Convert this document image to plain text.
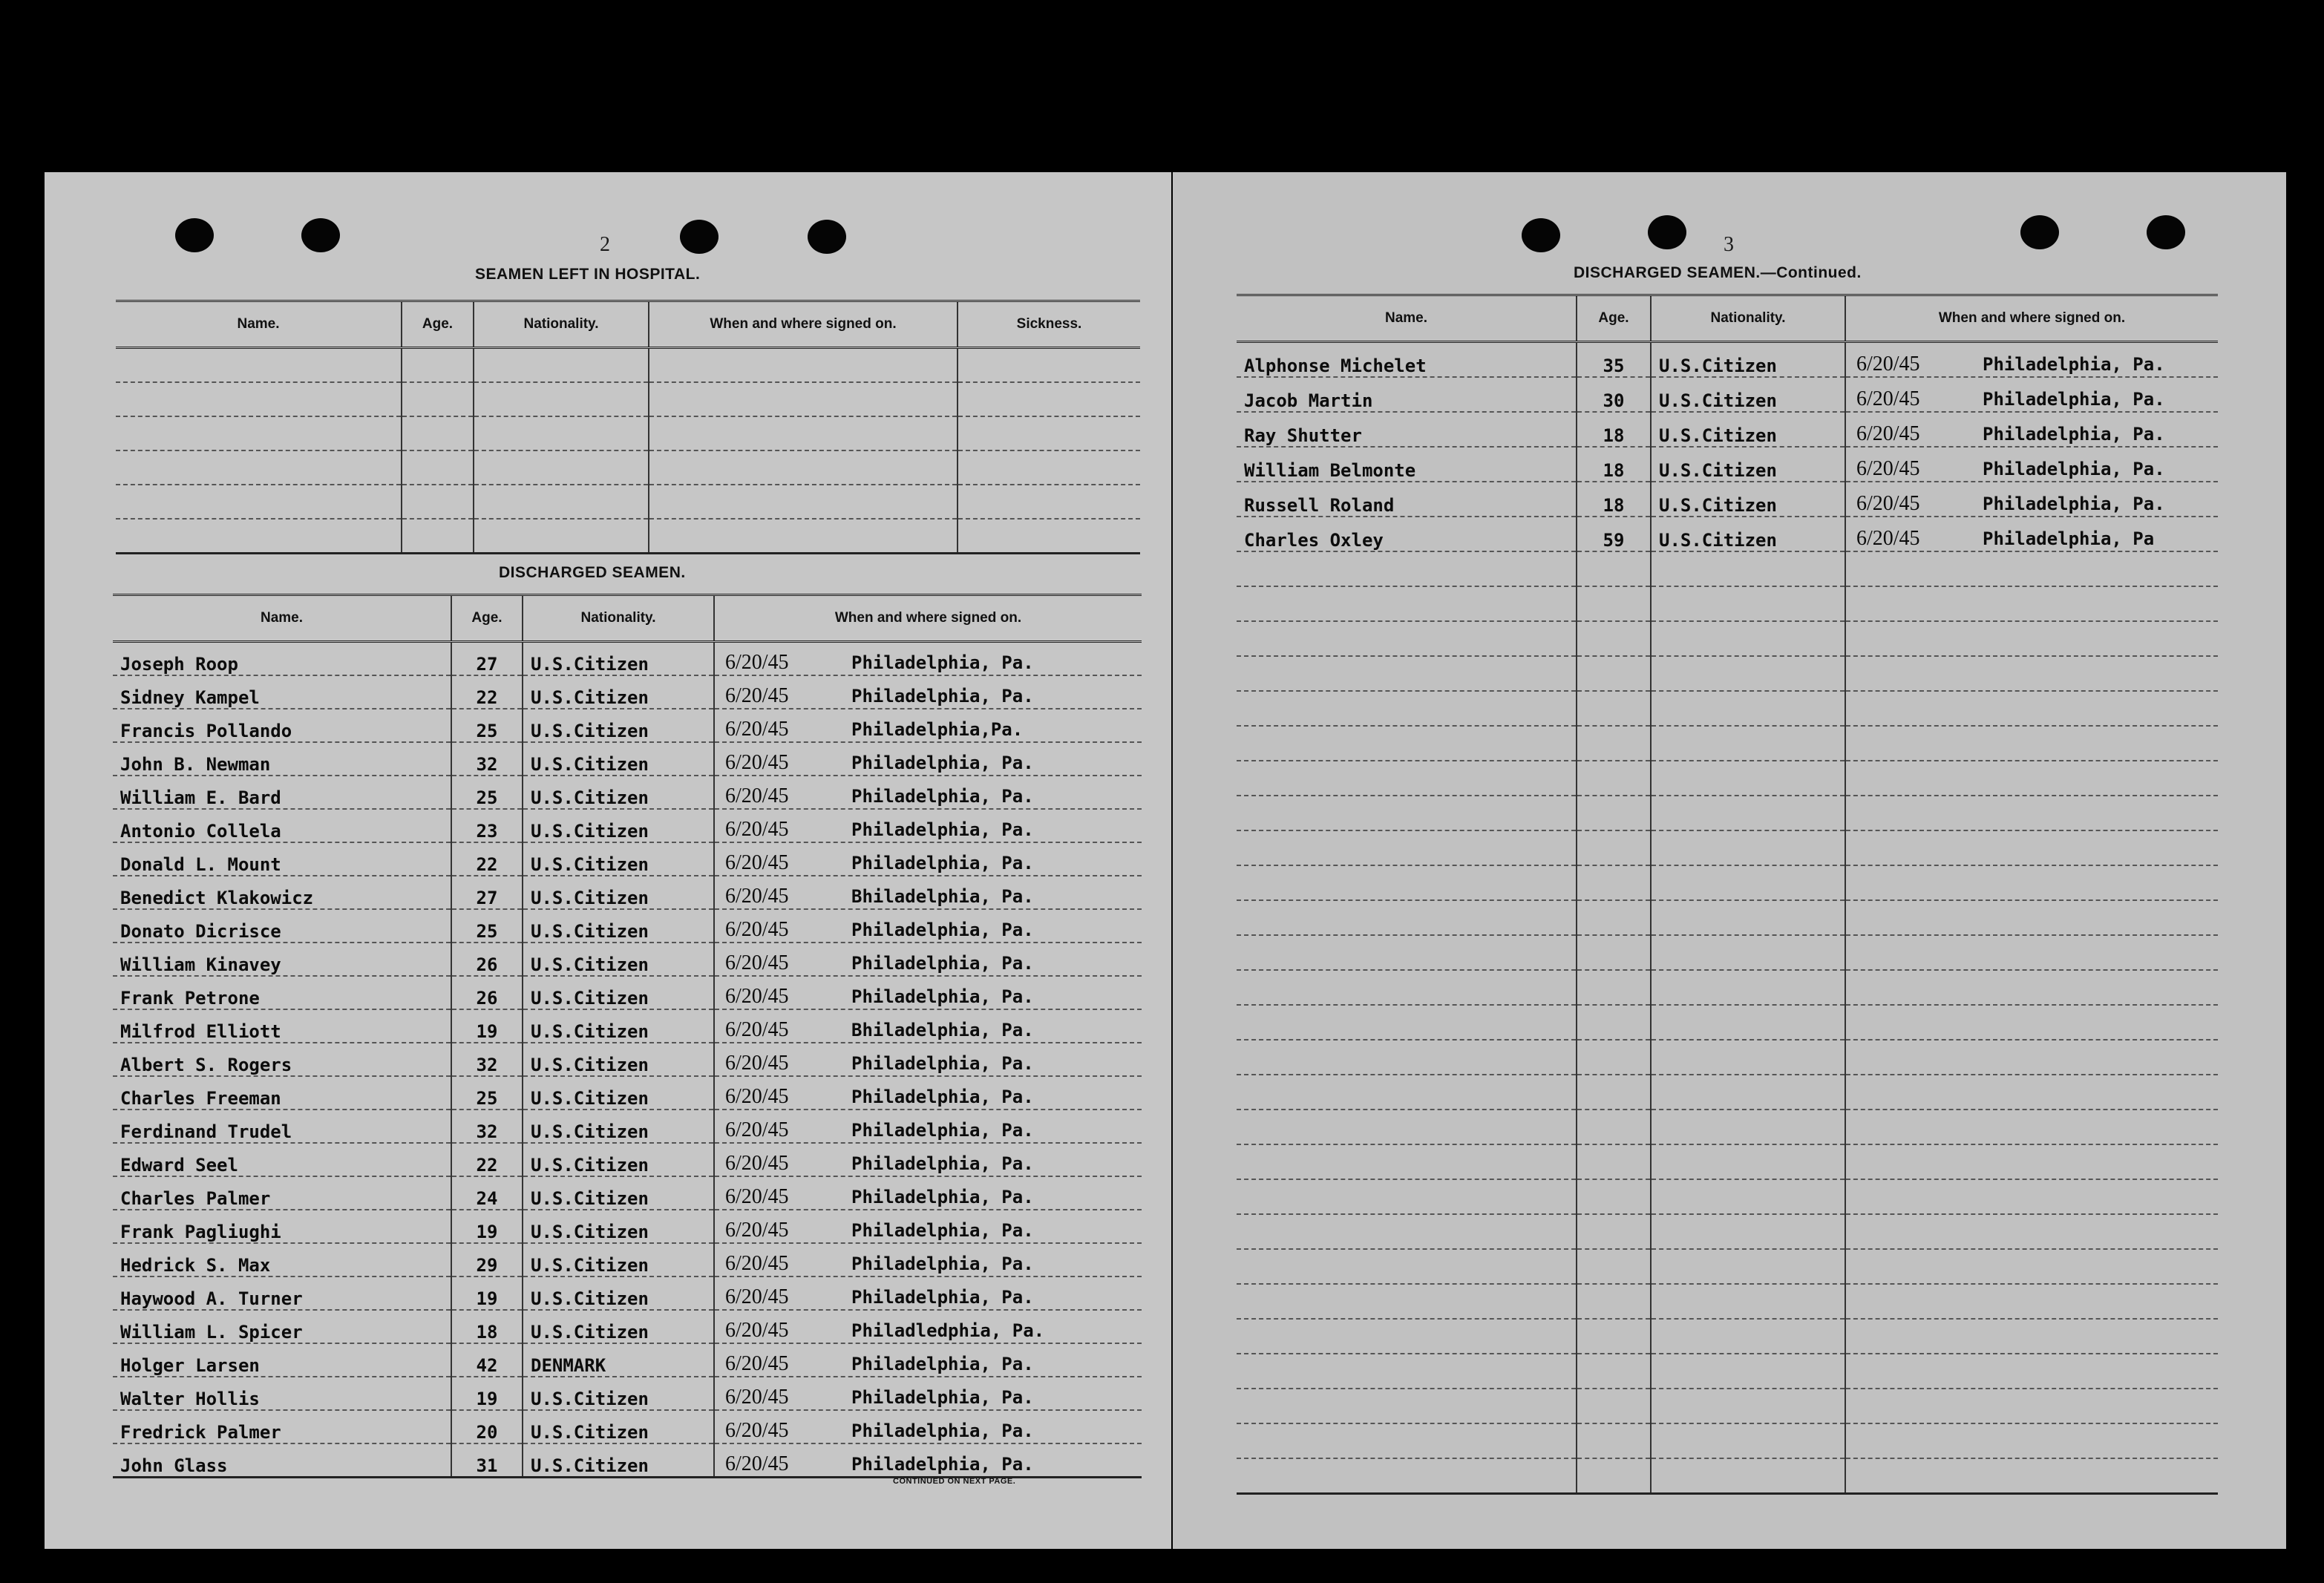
2
SEAMEN LEFT IN HOSPITAL.
Name.	Age.	Nationality.	When and where signed on.	Sickness.

DISCHARGED SEAMEN.
Name.	Age.	Nationality.	When and where signed on.
Joseph Roop	27	U.S.Citizen	6/20/45 Philadelphia, Pa.
Sidney Kampel	22	U.S.Citizen	6/20/45 Philadelphia, Pa.
Francis Pollando	25	U.S.Citizen	6/20/45 Philadelphia,Pa.
John B. Newman	32	U.S.Citizen	6/20/45 Philadelphia, Pa.
William E. Bard	25	U.S.Citizen	6/20/45 Philadelphia, Pa.
Antonio Collela	23	U.S.Citizen	6/20/45 Philadelphia, Pa.
Donald L. Mount	22	U.S.Citizen	6/20/45 Philadelphia, Pa.
Benedict Klakowicz	27	U.S.Citizen	6/20/45 Bhiladelphia, Pa.
Donato Dicrisce	25	U.S.Citizen	6/20/45 Philadelphia, Pa.
William Kinavey	26	U.S.Citizen	6/20/45 Philadelphia, Pa.
Frank Petrone	26	U.S.Citizen	6/20/45 Philadelphia, Pa.
Milfrod Elliott	19	U.S.Citizen	6/20/45 Bhiladelphia, Pa.
Albert S. Rogers	32	U.S.Citizen	6/20/45 Philadelphia, Pa.
Charles Freeman	25	U.S.Citizen	6/20/45 Philadelphia, Pa.
Ferdinand Trudel	32	U.S.Citizen	6/20/45 Philadelphia, Pa.
Edward Seel	22	U.S.Citizen	6/20/45 Philadelphia, Pa.
Charles Palmer	24	U.S.Citizen	6/20/45 Philadelphia, Pa.
Frank Pagliughi	19	U.S.Citizen	6/20/45 Philadelphia, Pa.
Hedrick S. Max	29	U.S.Citizen	6/20/45 Philadelphia, Pa.
Haywood A. Turner	19	U.S.Citizen	6/20/45 Philadelphia, Pa.
William L. Spicer	18	U.S.Citizen	6/20/45 Philadledphia, Pa.
Holger Larsen	42	DENMARK	6/20/45 Philadelphia, Pa.
Walter Hollis	19	U.S.Citizen	6/20/45 Philadelphia, Pa.
Fredrick Palmer	20	U.S.Citizen	6/20/45 Philadelphia, Pa.
John Glass	31	U.S.Citizen	6/20/45 Philadelphia, Pa.
CONTINUED ON NEXT PAGE.
3
DISCHARGED SEAMEN.—Continued.
Name.	Age.	Nationality.	When and where signed on.
Alphonse Michelet	35	U.S.Citizen	6/20/45 Philadelphia, Pa.
Jacob Martin	30	U.S.Citizen	6/20/45 Philadelphia, Pa.
Ray Shutter	18	U.S.Citizen	6/20/45 Philadelphia, Pa.
William Belmonte	18	U.S.Citizen	6/20/45 Philadelphia, Pa.
Russell Roland	18	U.S.Citizen	6/20/45 Philadelphia, Pa.
Charles Oxley	59	U.S.Citizen	6/20/45 Philadelphia, Pa
